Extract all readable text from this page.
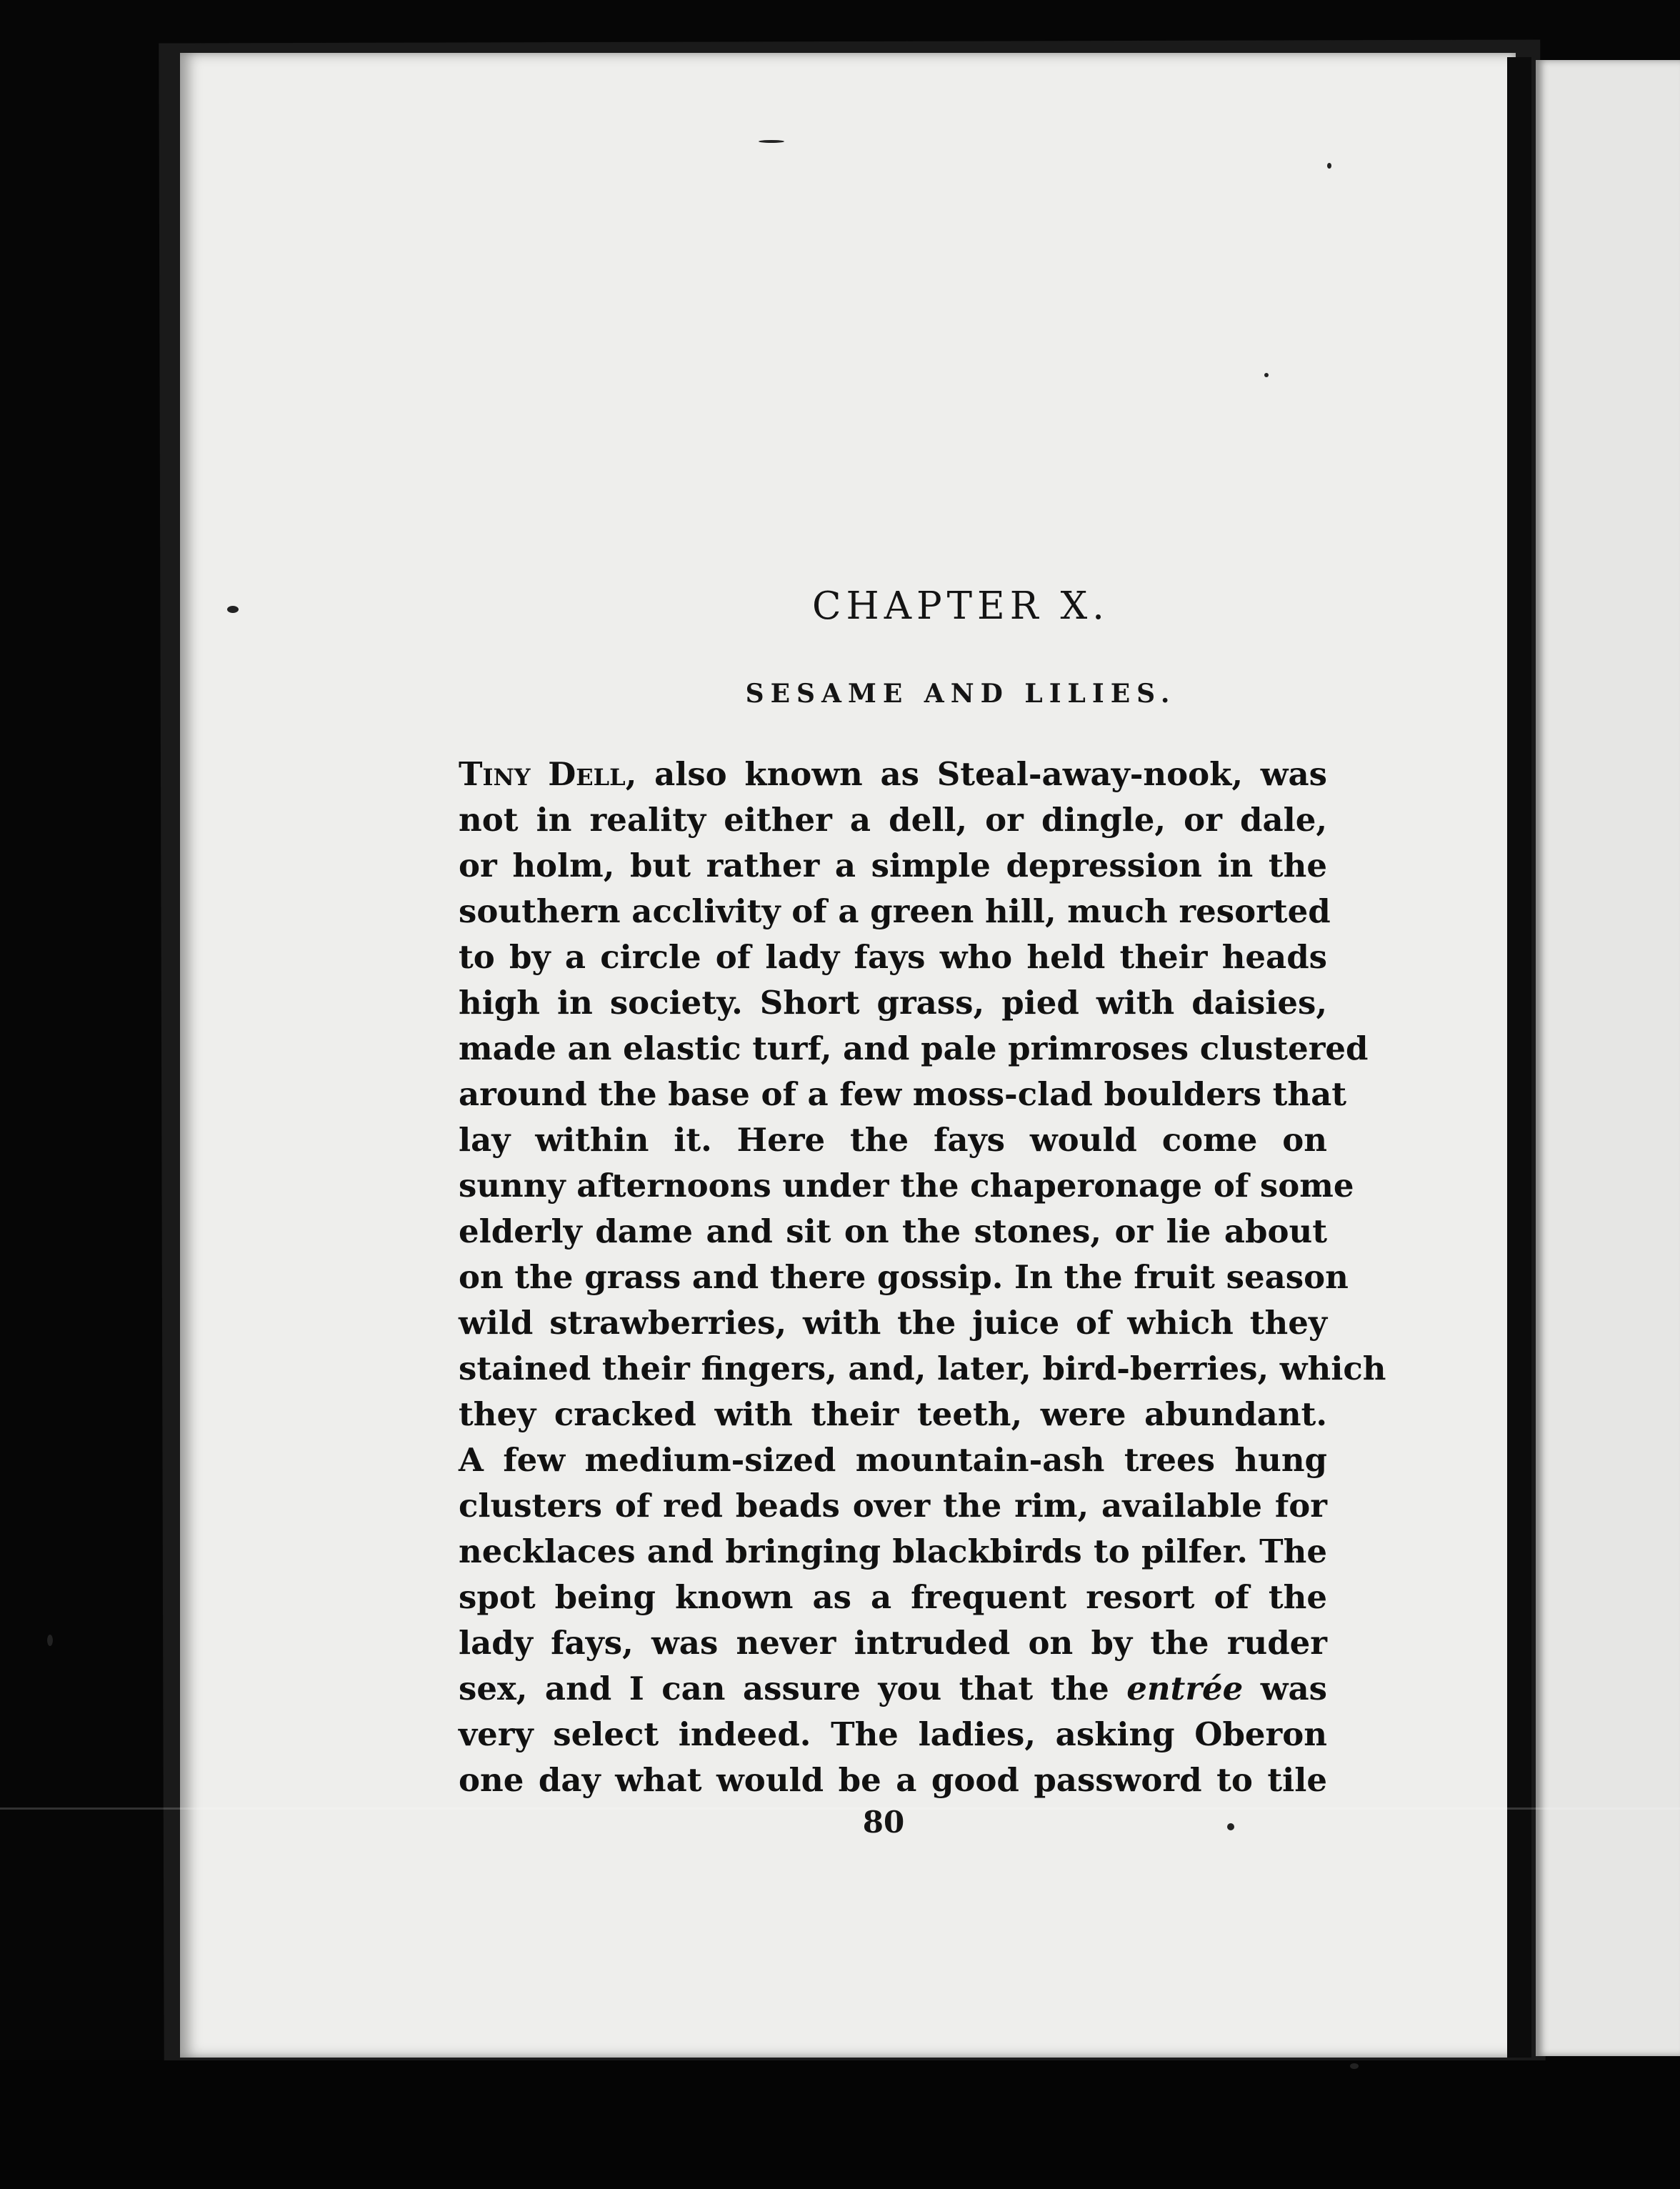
CHAPTER X.
SESAME AND LILIES.
Tiny Dell, also known as Steal-away-nook, was
not in reality either a dell, or dingle, or dale,
or holm, but rather a simple depression in the
southern acclivity of a green hill, much resorted
to by a circle of lady fays who held their heads
high in society. Short grass, pied with daisies,
made an elastic turf, and pale primroses clustered
around the base of a few moss-clad boulders that
lay within it. Here the fays would come on
sunny afternoons under the chaperonage of some
elderly dame and sit on the stones, or lie about
on the grass and there gossip. In the fruit season
wild strawberries, with the juice of which they
stained their fingers, and, later, bird-berries, which
they cracked with their teeth, were abundant.
A few medium-sized mountain-ash trees hung
clusters of red beads over the rim, available for
necklaces and bringing blackbirds to pilfer. The
spot being known as a frequent resort of the
lady fays, was never intruded on by the ruder
sex, and I can assure you that the entrée was
very select indeed. The ladies, asking Oberon
one day what would be a good password to tile
80
